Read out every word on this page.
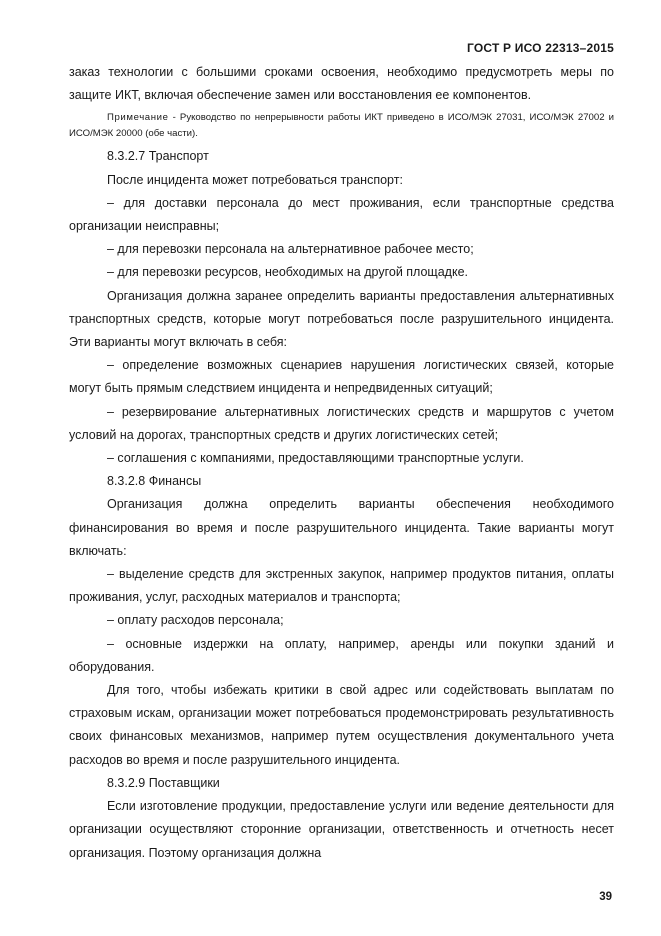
ГОСТ Р ИСО 22313–2015

заказ технологии с большими сроками освоения, необходимо предусмотреть меры по защите ИКТ, включая обеспечение замен или восстановления ее компонентов.

Примечание - Руководство по непрерывности работы ИКТ приведено в ИСО/МЭК 27031, ИСО/МЭК 27002 и ИСО/МЭК 20000 (обе части).

8.3.2.7 Транспорт

После инцидента может потребоваться транспорт:

– для доставки персонала до мест проживания, если транспортные средства организации неисправны;

– для перевозки персонала на альтернативное рабочее место;

– для перевозки ресурсов, необходимых на другой площадке.

Организация должна заранее определить варианты предоставления альтернативных транспортных средств, которые могут потребоваться после разрушительного инцидента. Эти варианты могут включать в себя:

– определение возможных сценариев нарушения логистических связей, которые могут быть прямым следствием инцидента и непредвиденных ситуаций;

– резервирование альтернативных логистических средств и маршрутов с учетом условий на дорогах, транспортных средств и других логистических сетей;

– соглашения с компаниями, предоставляющими транспортные услуги.

8.3.2.8 Финансы

Организация должна определить варианты обеспечения необходимого финансирования во время и после разрушительного инцидента. Такие варианты могут включать:

– выделение средств для экстренных закупок, например продуктов питания, оплаты проживания, услуг, расходных материалов и транспорта;

– оплату расходов персонала;

– основные издержки на оплату, например, аренды или покупки зданий и оборудования.

Для того, чтобы избежать критики в свой адрес или содействовать выплатам по страховым искам, организации может потребоваться продемонстрировать результативность своих финансовых механизмов, например путем осуществления документального учета расходов во время и после разрушительного инцидента.

8.3.2.9 Поставщики

Если изготовление продукции, предоставление услуги или ведение деятельности для организации осуществляют сторонние организации, ответственность и отчетность несет организация. Поэтому организация должна

39
